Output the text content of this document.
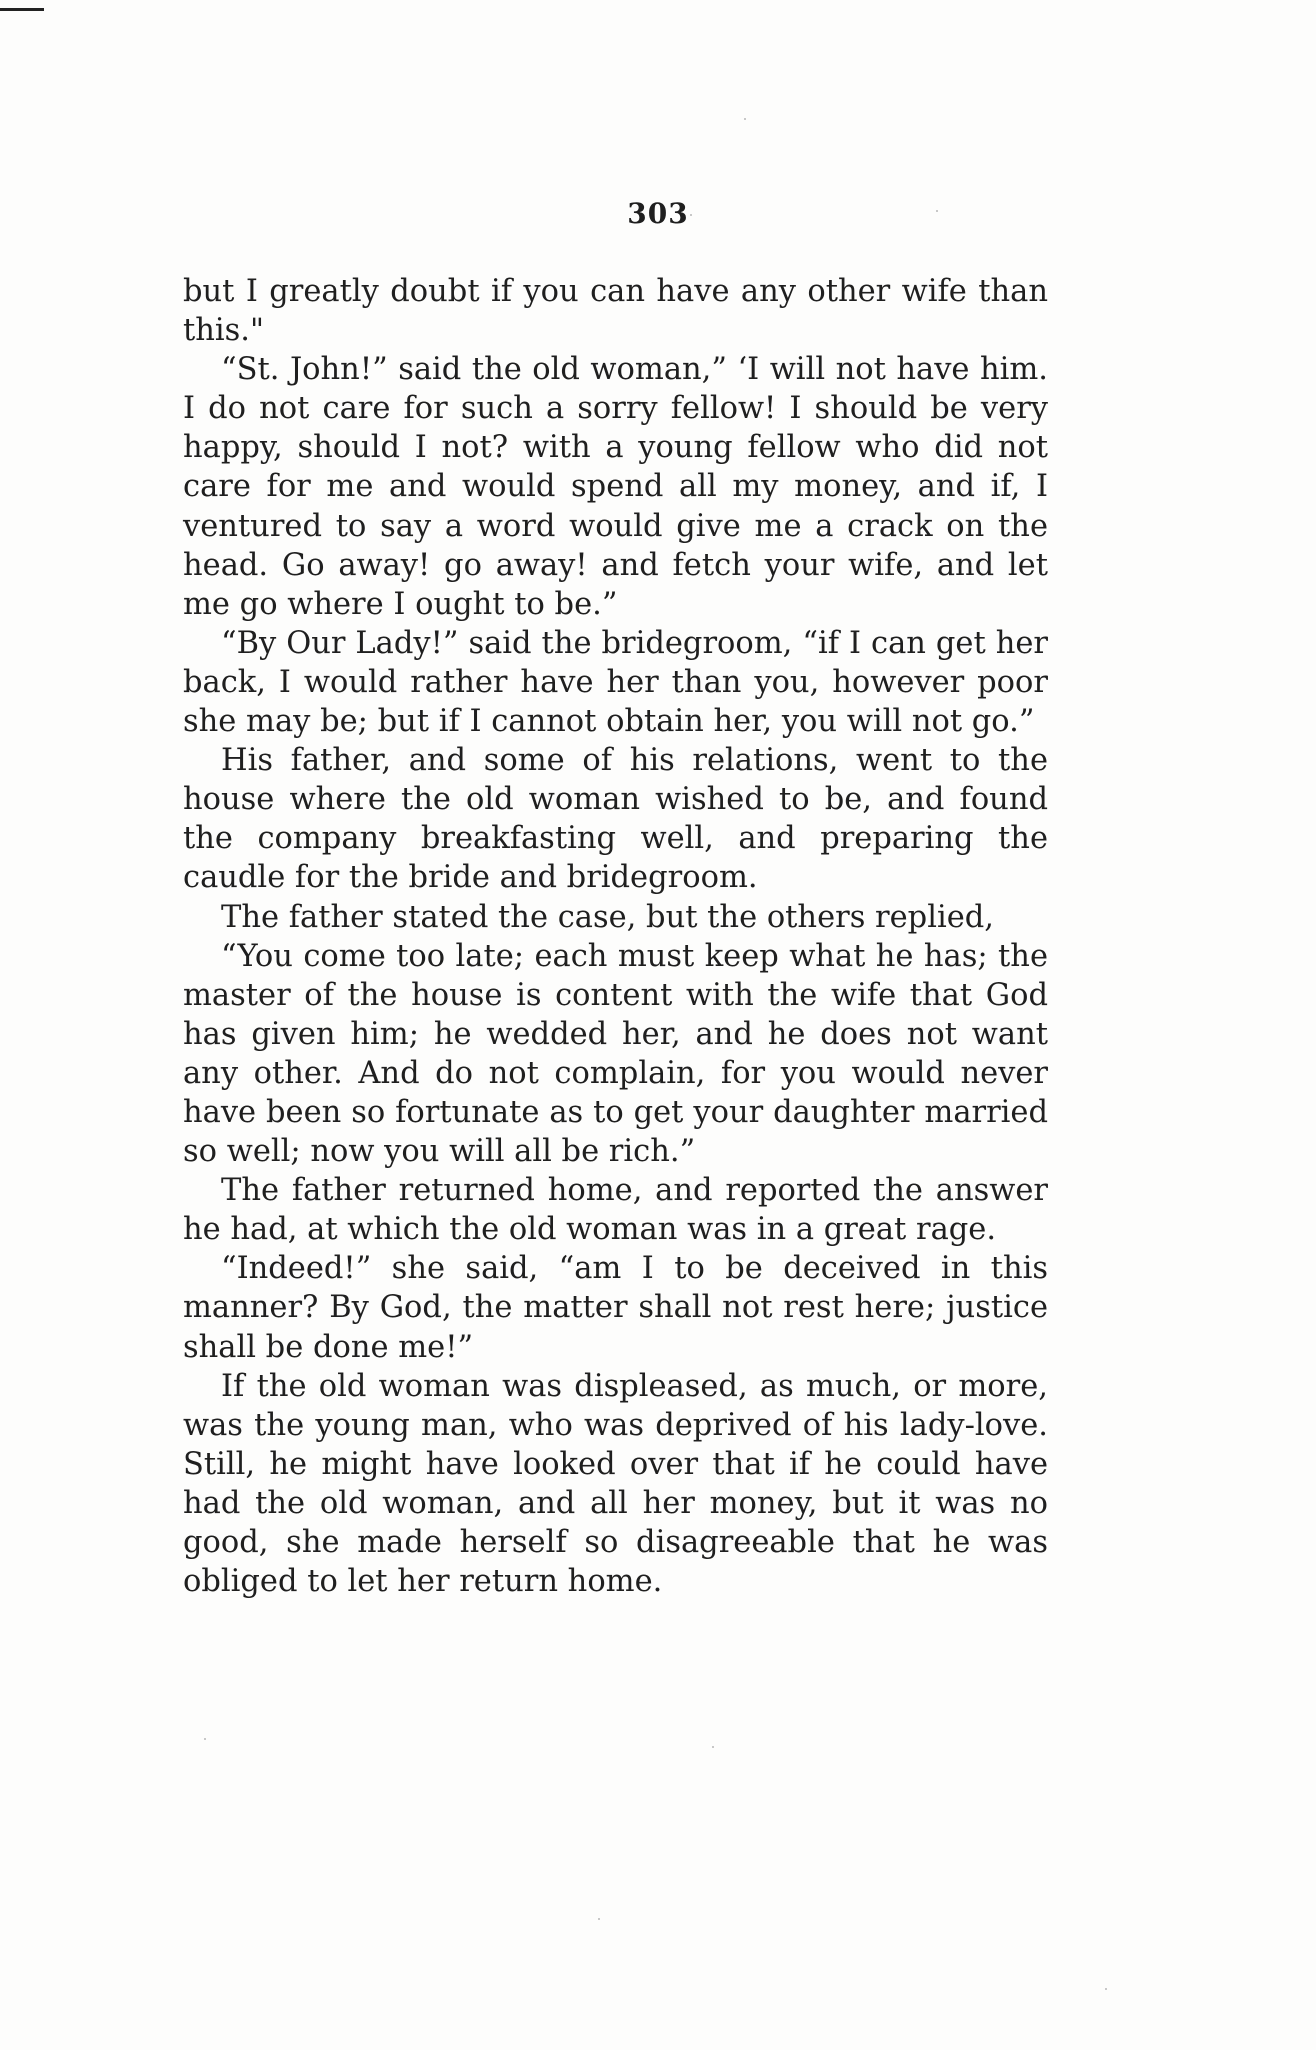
303

but I greatly doubt if you can have any other wife than this."

“St. John!” said the old woman,” ‘I will not have him. I do not care for such a sorry fellow! I should be very happy, should I not? with a young fellow who did not care for me and would spend all my money, and if, I ventured to say a word would give me a crack on the head. Go away! go away! and fetch your wife, and let me go where I ought to be.”

“By Our Lady!” said the bridegroom, “if I can get her back, I would rather have her than you, however poor she may be; but if I cannot obtain her, you will not go.”

His father, and some of his relations, went to the house where the old woman wished to be, and found the company breakfasting well, and preparing the caudle for the bride and bridegroom.

The father stated the case, but the others replied,

“You come too late; each must keep what he has; the master of the house is content with the wife that God has given him; he wedded her, and he does not want any other. And do not complain, for you would never have been so fortunate as to get your daughter married so well; now you will all be rich.”

The father returned home, and reported the answer he had, at which the old woman was in a great rage.

“Indeed!” she said, “am I to be deceived in this manner? By God, the matter shall not rest here; justice shall be done me!”

If the old woman was displeased, as much, or more, was the young man, who was deprived of his lady-love. Still, he might have looked over that if he could have had the old woman, and all her money, but it was no good, she made herself so disagreeable that he was obliged to let her return home.
